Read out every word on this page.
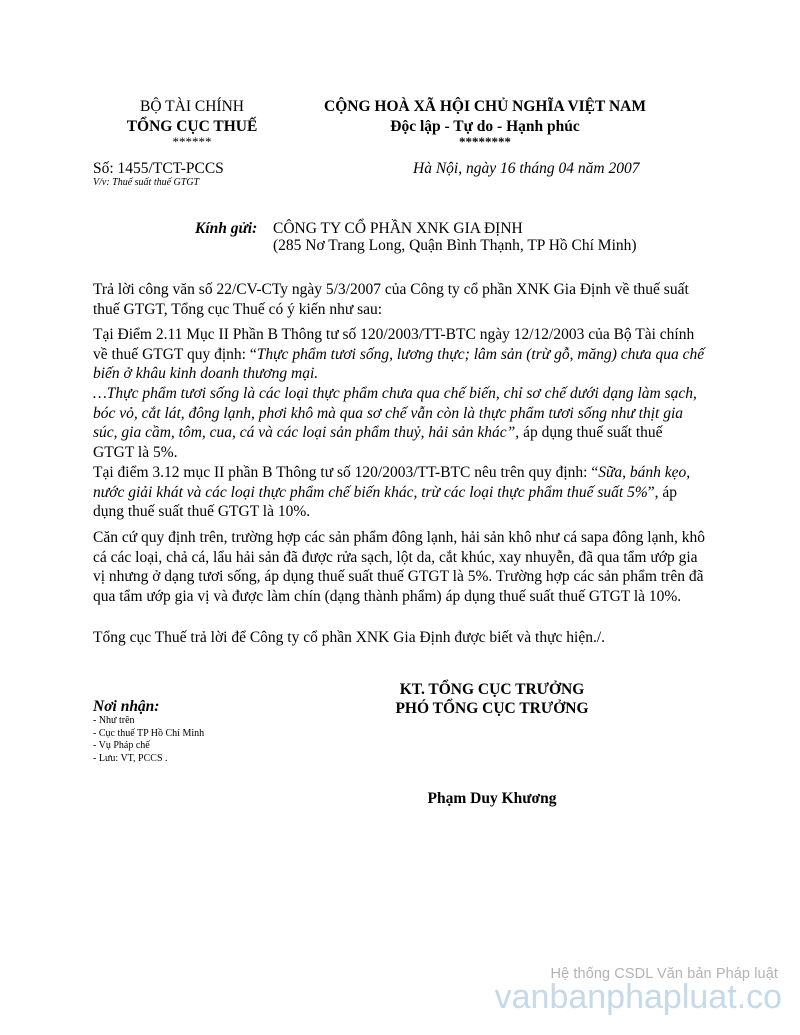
BỘ TÀI CHÍNH
TỔNG CỤC THUẾ
******
CỘNG HOÀ XÃ HỘI CHỦ NGHĨA VIỆT NAM
Độc lập - Tự do - Hạnh phúc
********
Số: 1455/TCT-PCCS
V/v: Thuế suất thuế GTGT
Hà Nội, ngày 16 tháng 04 năm 2007
Kính gửi: CÔNG TY CỔ PHẦN XNK GIA ĐỊNH
(285 Nơ Trang Long, Quận Bình Thạnh, TP Hồ Chí Minh)

Trả lời công văn số 22/CV-CTy ngày 5/3/2007 của Công ty cổ phần XNK Gia Định về thuế suất thuế GTGT, Tổng cục Thuế có ý kiến như sau:

Tại Điểm 2.11 Mục II Phần B Thông tư số 120/2003/TT-BTC ngày 12/12/2003 của Bộ Tài chính về thuế GTGT quy định: “Thực phẩm tươi sống, lương thực; lâm sản (trừ gỗ, măng) chưa qua chế biến ở khâu kinh doanh thương mại.

…Thực phẩm tươi sống là các loại thực phẩm chưa qua chế biến, chỉ sơ chế dưới dạng làm sạch, bóc vỏ, cắt lát, đông lạnh, phơi khô mà qua sơ chế vẫn còn là thực phẩm tươi sống như thịt gia súc, gia cầm, tôm, cua, cá và các loại sản phẩm thuỷ, hải sản khác”, áp dụng thuế suất thuế GTGT là 5%.

Tại điểm 3.12 mục II phần B Thông tư số 120/2003/TT-BTC nêu trên quy định: “Sữa, bánh kẹo, nước giải khát và các loại thực phẩm chế biến khác, trừ các loại thực phẩm thuế suất 5%”, áp dụng thuế suất thuế GTGT là 10%.

Căn cứ quy định trên, trường hợp các sản phẩm đông lạnh, hải sản khô như cá sapa đông lạnh, khô cá các loại, chả cá, lẩu hải sản đã được rửa sạch, lột da, cắt khúc, xay nhuyễn, đã qua tẩm ướp gia vị nhưng ở dạng tươi sống, áp dụng thuế suất thuế GTGT là 5%. Trường hợp các sản phẩm trên đã qua tẩm ướp gia vị và được làm chín (dạng thành phẩm) áp dụng thuế suất thuế GTGT là 10%.

Tổng cục Thuế trả lời để Công ty cổ phần XNK Gia Định được biết và thực hiện./.

Nơi nhận:
- Như trên
- Cục thuế TP Hồ Chí Minh
- Vụ Pháp chế
- Lưu: VT, PCCS .
KT. TỔNG CỤC TRƯỞNG
PHÓ TỔNG CỤC TRƯỞNG
Phạm Duy Khương
Hệ thống CSDL Văn bản Pháp luật
vanbanphapluat.co
